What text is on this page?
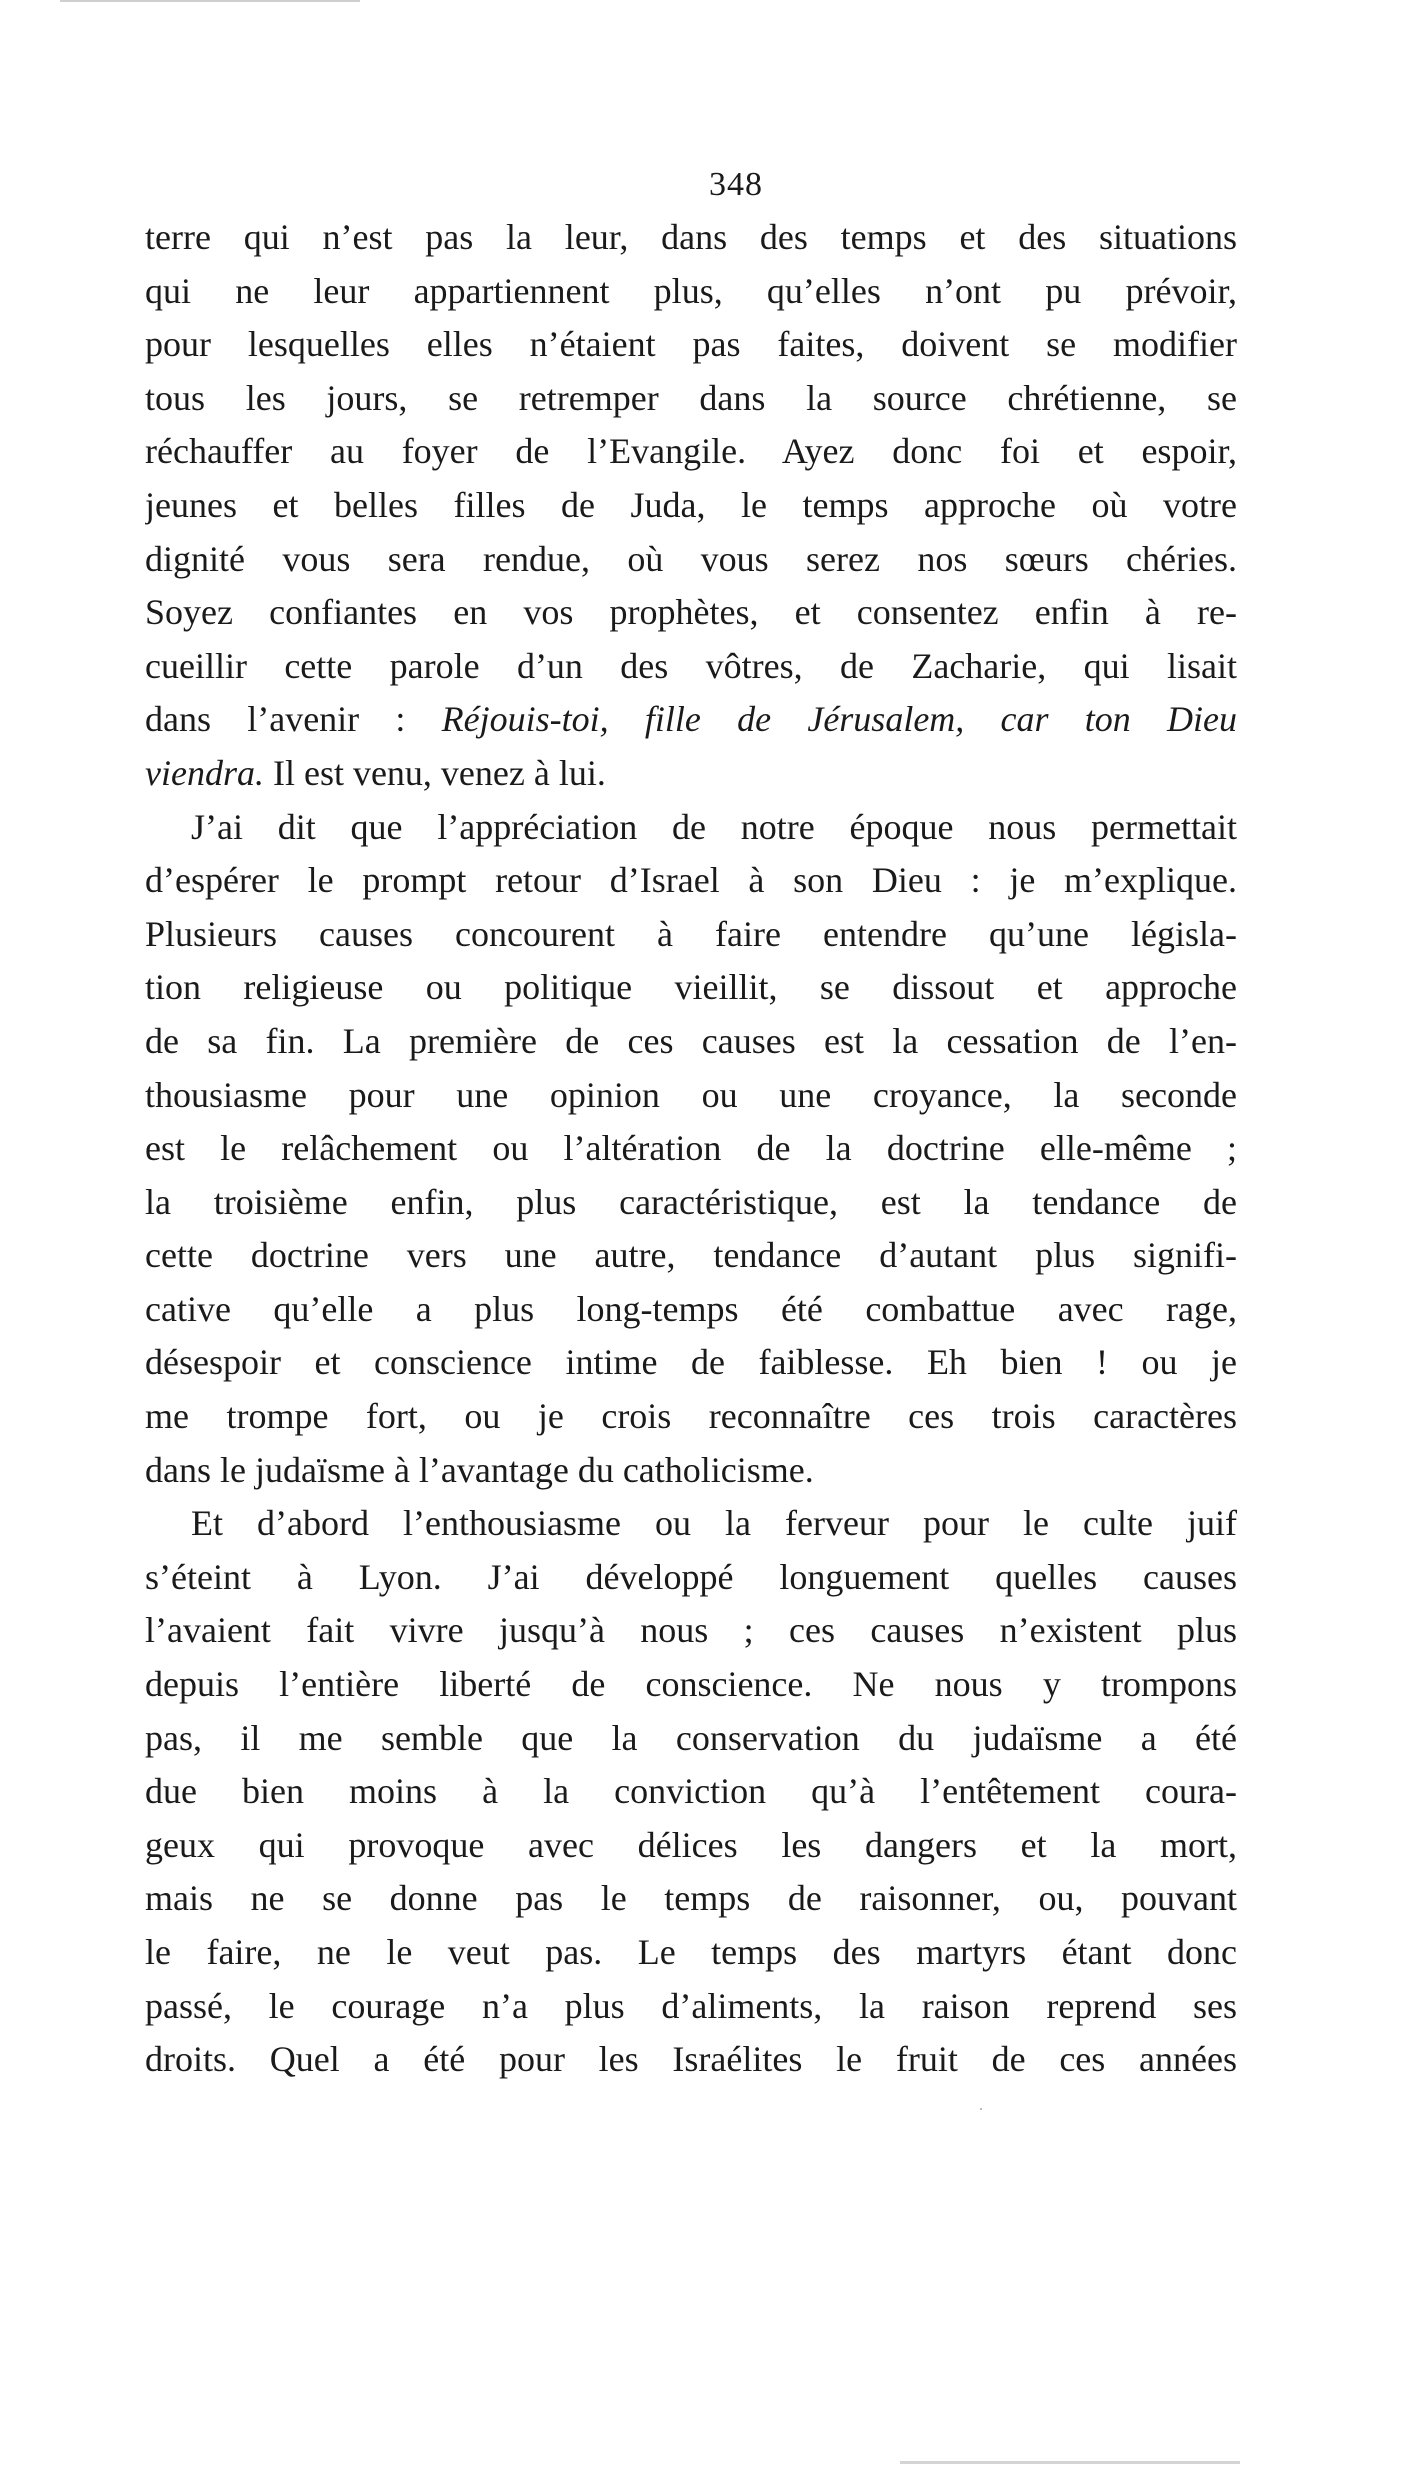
348

terre qui n’est pas la leur, dans des temps et des situations
qui ne leur appartiennent plus, qu’elles n’ont pu prévoir,
pour lesquelles elles n’étaient pas faites, doivent se modifier
tous les jours, se retremper dans la source chrétienne, se
réchauffer au foyer de l’Evangile. Ayez donc foi et espoir,
jeunes et belles filles de Juda, le temps approche où votre
dignité vous sera rendue, où vous serez nos sœurs chéries.
Soyez confiantes en vos prophètes, et consentez enfin à re-
cueillir cette parole d’un des vôtres, de Zacharie, qui lisait
dans l’avenir : Réjouis-toi, fille de Jérusalem, car ton Dieu
viendra. Il est venu, venez à lui.

J’ai dit que l’appréciation de notre époque nous permettait
d’espérer le prompt retour d’Israel à son Dieu : je m’explique.
Plusieurs causes concourent à faire entendre qu’une législa-
tion religieuse ou politique vieillit, se dissout et approche
de sa fin. La première de ces causes est la cessation de l’en-
thousiasme pour une opinion ou une croyance, la seconde
est le relâchement ou l’altération de la doctrine elle-même ;
la troisième enfin, plus caractéristique, est la tendance de
cette doctrine vers une autre, tendance d’autant plus signifi-
cative qu’elle a plus long-temps été combattue avec rage,
désespoir et conscience intime de faiblesse. Eh bien ! ou je
me trompe fort, ou je crois reconnaître ces trois caractères
dans le judaïsme à l’avantage du catholicisme.

Et d’abord l’enthousiasme ou la ferveur pour le culte juif
s’éteint à Lyon. J’ai développé longuement quelles causes
l’avaient fait vivre jusqu’à nous ; ces causes n’existent plus
depuis l’entière liberté de conscience. Ne nous y trompons
pas, il me semble que la conservation du judaïsme a été
due bien moins à la conviction qu’à l’entêtement coura-
geux qui provoque avec délices les dangers et la mort,
mais ne se donne pas le temps de raisonner, ou, pouvant
le faire, ne le veut pas. Le temps des martyrs étant donc
passé, le courage n’a plus d’aliments, la raison reprend ses
droits. Quel a été pour les Israélites le fruit de ces années
